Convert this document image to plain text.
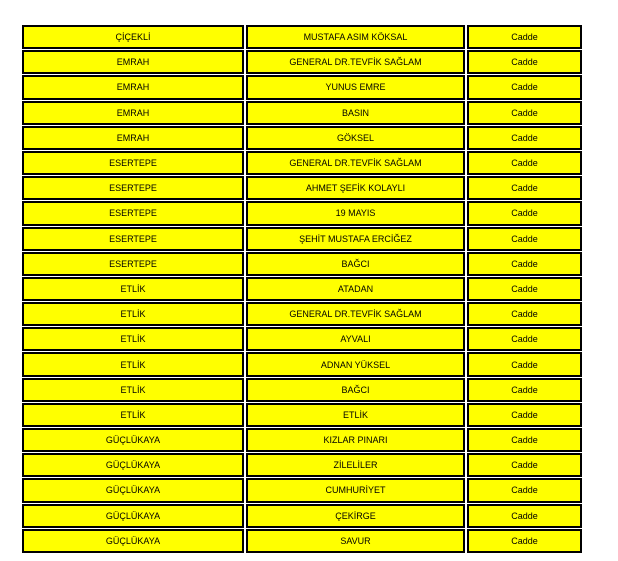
ÇİÇEKLİ	MUSTAFA ASIM KÖKSAL	Cadde
EMRAH	GENERAL DR.TEVFİK SAĞLAM	Cadde
EMRAH	YUNUS EMRE	Cadde
EMRAH	BASIN	Cadde
EMRAH	GÖKSEL	Cadde
ESERTEPE	GENERAL DR.TEVFİK SAĞLAM	Cadde
ESERTEPE	AHMET ŞEFİK KOLAYLI	Cadde
ESERTEPE	19 MAYIS	Cadde
ESERTEPE	ŞEHİT MUSTAFA ERCİĞEZ	Cadde
ESERTEPE	BAĞCI	Cadde
ETLİK	ATADAN	Cadde
ETLİK	GENERAL DR.TEVFİK SAĞLAM	Cadde
ETLİK	AYVALI	Cadde
ETLİK	ADNAN YÜKSEL	Cadde
ETLİK	BAĞCI	Cadde
ETLİK	ETLİK	Cadde
GÜÇLÜKAYA	KIZLAR PINARI	Cadde
GÜÇLÜKAYA	ZİLELİLER	Cadde
GÜÇLÜKAYA	CUMHURİYET	Cadde
GÜÇLÜKAYA	ÇEKİRGE	Cadde
GÜÇLÜKAYA	SAVUR	Cadde
